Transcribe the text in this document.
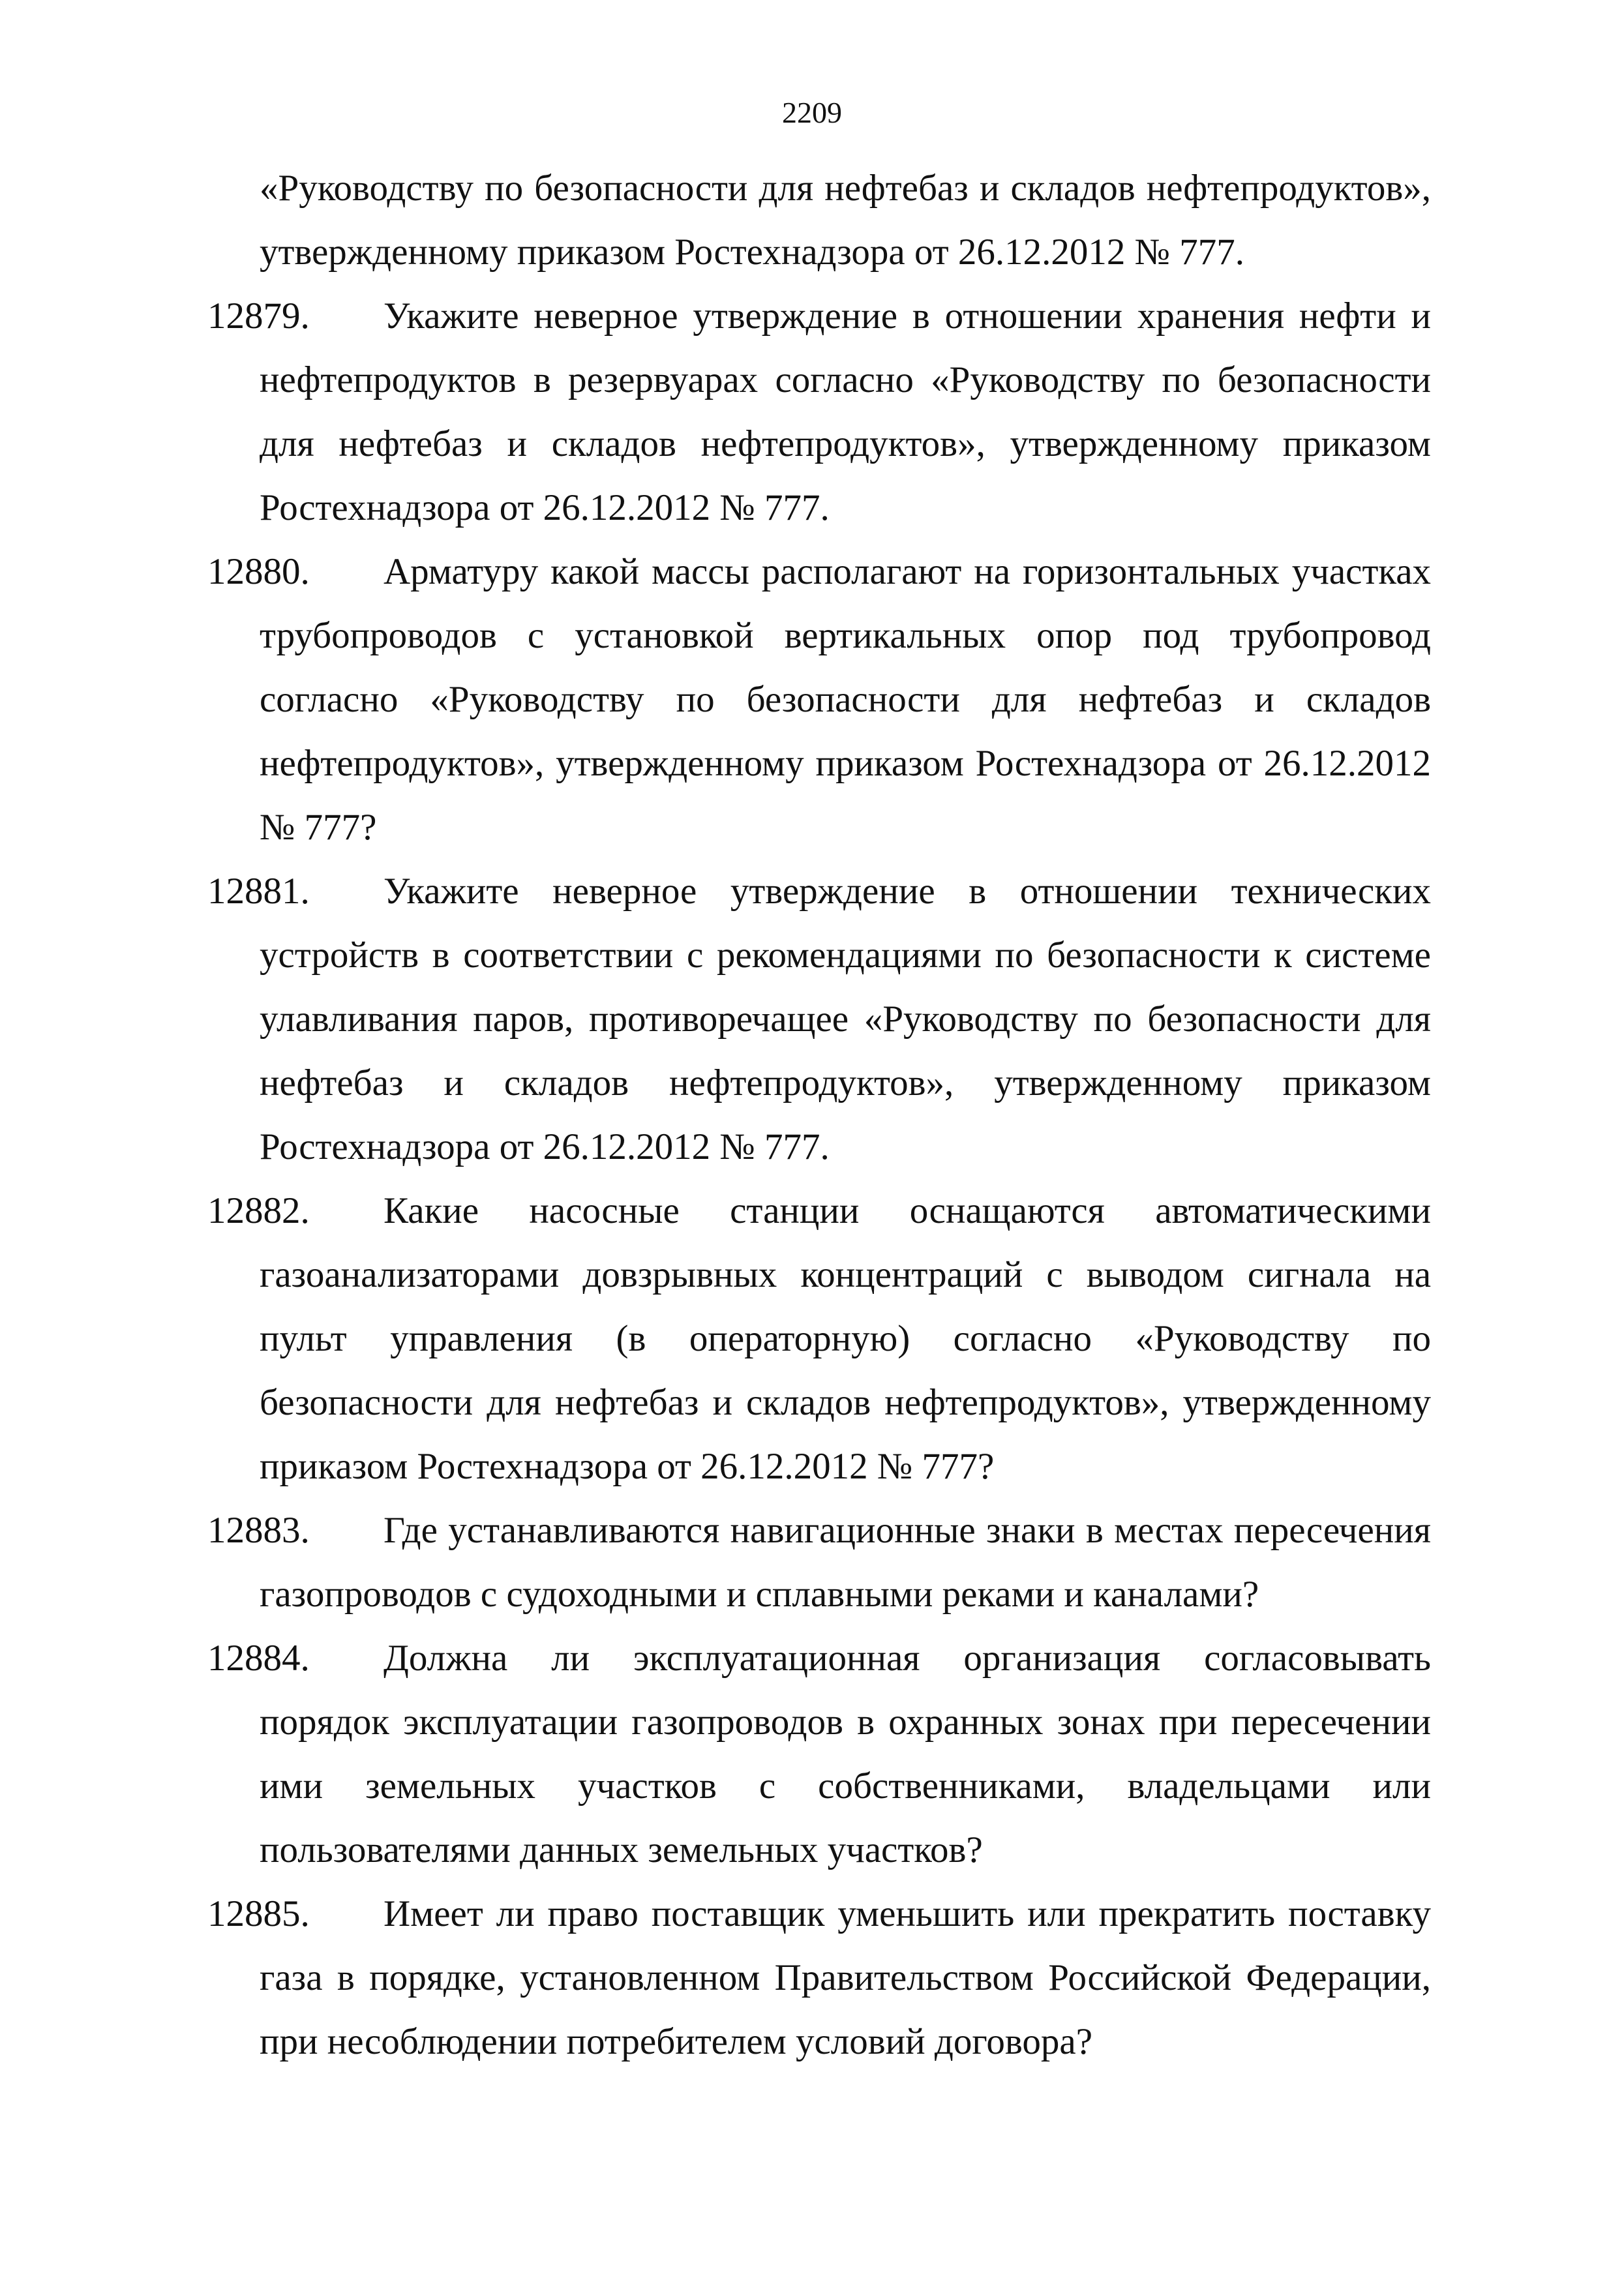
2209

«Руководству по безопасности для нефтебаз и складов нефтепродуктов», утвержденному приказом Ростехнадзора от 26.12.2012 № 777.

12879.	Укажите неверное утверждение в отношении хранения нефти и нефтепродуктов в резервуарах согласно «Руководству по безопасности для нефтебаз и складов нефтепродуктов», утвержденному приказом Ростехнадзора от 26.12.2012 № 777.
12880.	Арматуру какой массы располагают на горизонтальных участках трубопроводов с установкой вертикальных опор под трубопровод согласно «Руководству по безопасности для нефтебаз и складов нефтепродуктов», утвержденному приказом Ростехнадзора от 26.12.2012 № 777?
12881.	Укажите неверное утверждение в отношении технических устройств в соответствии с рекомендациями по безопасности к системе улавливания паров, противоречащее «Руководству по безопасности для нефтебаз и складов нефтепродуктов», утвержденному приказом Ростехнадзора от 26.12.2012 № 777.
12882.	Какие насосные станции оснащаются автоматическими газоанализаторами довзрывных концентраций с выводом сигнала на пульт управления (в операторную) согласно «Руководству по безопасности для нефтебаз и складов нефтепродуктов», утвержденному приказом Ростехнадзора от 26.12.2012 № 777?
12883.	Где устанавливаются навигационные знаки в местах пересечения газопроводов с судоходными и сплавными реками и каналами?
12884.	Должна ли эксплуатационная организация согласовывать порядок эксплуатации газопроводов в охранных зонах при пересечении ими земельных участков с собственниками, владельцами или пользователями данных земельных участков?
12885.	Имеет ли право поставщик уменьшить или прекратить поставку газа в порядке, установленном Правительством Российской Федерации, при несоблюдении потребителем условий договора?
